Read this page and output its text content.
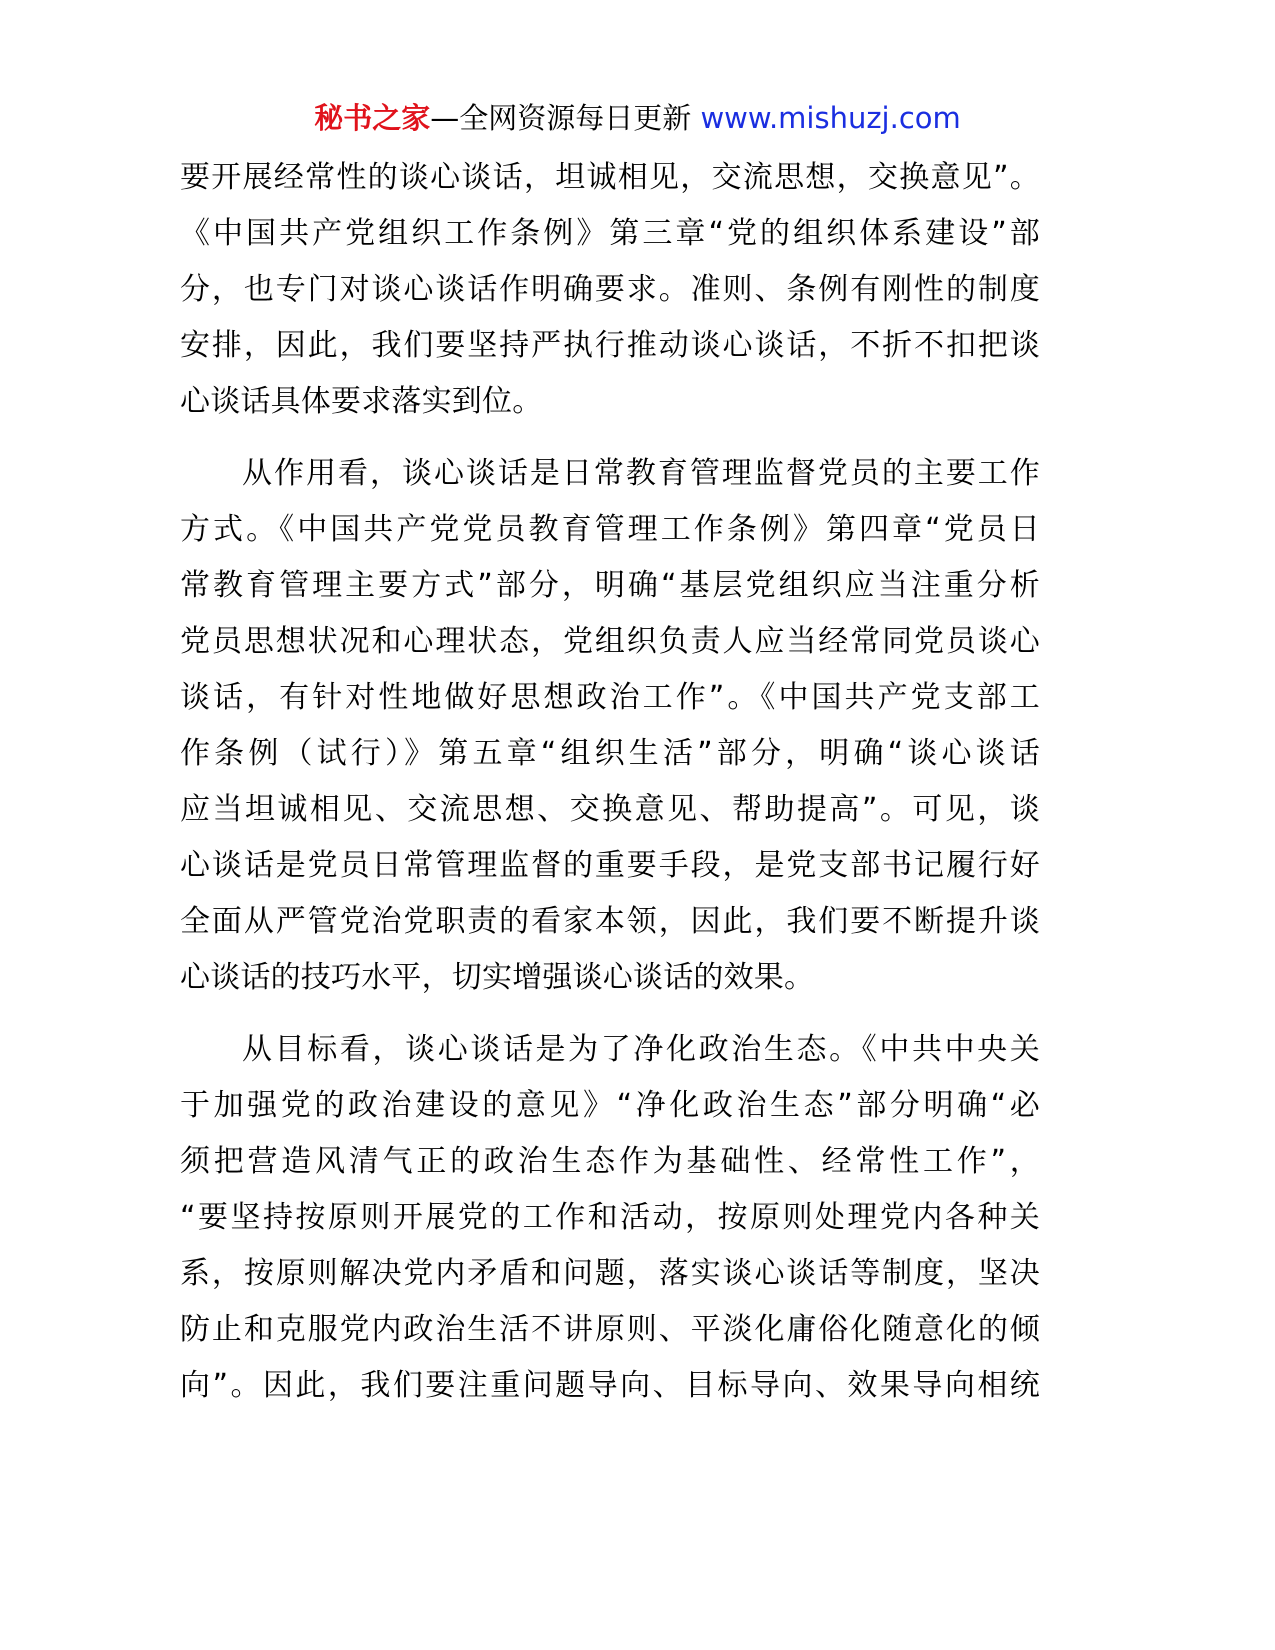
秘书之家—全网资源每日更新 www.mishuzj.com
要开展经常性的谈心谈话，坦诚相见，交流思想，交换意见”。
《中国共产党组织工作条例》第三章“党的组织体系建设”部
分，也专门对谈心谈话作明确要求。准则、条例有刚性的制度
安排，因此，我们要坚持严执行推动谈心谈话，不折不扣把谈
心谈话具体要求落实到位。
从作用看，谈心谈话是日常教育管理监督党员的主要工作
方式。《中国共产党党员教育管理工作条例》第四章“党员日
常教育管理主要方式”部分，明确“基层党组织应当注重分析
党员思想状况和心理状态，党组织负责人应当经常同党员谈心
谈话，有针对性地做好思想政治工作”。《中国共产党支部工
作条例（试行）》第五章“组织生活”部分，明确“谈心谈话
应当坦诚相见、交流思想、交换意见、帮助提高”。可见，谈
心谈话是党员日常管理监督的重要手段，是党支部书记履行好
全面从严管党治党职责的看家本领，因此，我们要不断提升谈
心谈话的技巧水平，切实增强谈心谈话的效果。
从目标看，谈心谈话是为了净化政治生态。《中共中央关
于加强党的政治建设的意见》“净化政治生态”部分明确“必
须把营造风清气正的政治生态作为基础性、经常性工作”，
“要坚持按原则开展党的工作和活动，按原则处理党内各种关
系，按原则解决党内矛盾和问题，落实谈心谈话等制度，坚决
防止和克服党内政治生活不讲原则、平淡化庸俗化随意化的倾
向”。因此，我们要注重问题导向、目标导向、效果导向相统
